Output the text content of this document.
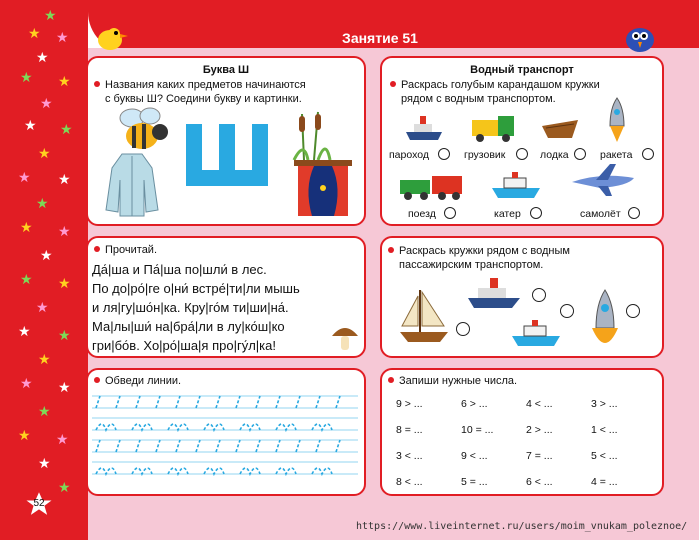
Занятие 51
★
★ ★
★
★ ★
★
★ ★
★
★ ★
★
★ ★
★
★ ★
★
★ ★
★
★ ★
★
★ ★
★
★
52
Буква Ш
Названия каких предметов начинаются
с буквы Ш? Соедини букву и картинки.
Водный транспорт
Раскрась голубым карандашом кружки
рядом с водным транспортом.
пароход	грузовик	лодка	ракета
поезд	катер	самолёт
Прочитай.
Да́|ша и Па́|ша по|шли́ в лес.
По до|ро́|ге о|ни́ встре́|ти|ли мышь
и ля|гу|шо́н|ка. Кру|го́м ти|ши|на́.
Ма|лы|ши́ на|бра́|ли в лу|ко́ш|ко
гри|бо́в. Хо|ро́|ша|я про|гу́л|ка!
Раскрась кружки рядом с водным
пассажирским транспортом.
Обведи линии.	Запиши нужные числа.
9 > ...	6 > ...	4 < ...	3 > ...
8 = ...	10 = ...	2 > ...	1 < ...
3 < ...	9 < ...	7 = ...	5 < ...
8 < ...	5 = ...	6 < ...	4 = ...
https://www.liveinternet.ru/users/moim_vnukam_poleznoe/
